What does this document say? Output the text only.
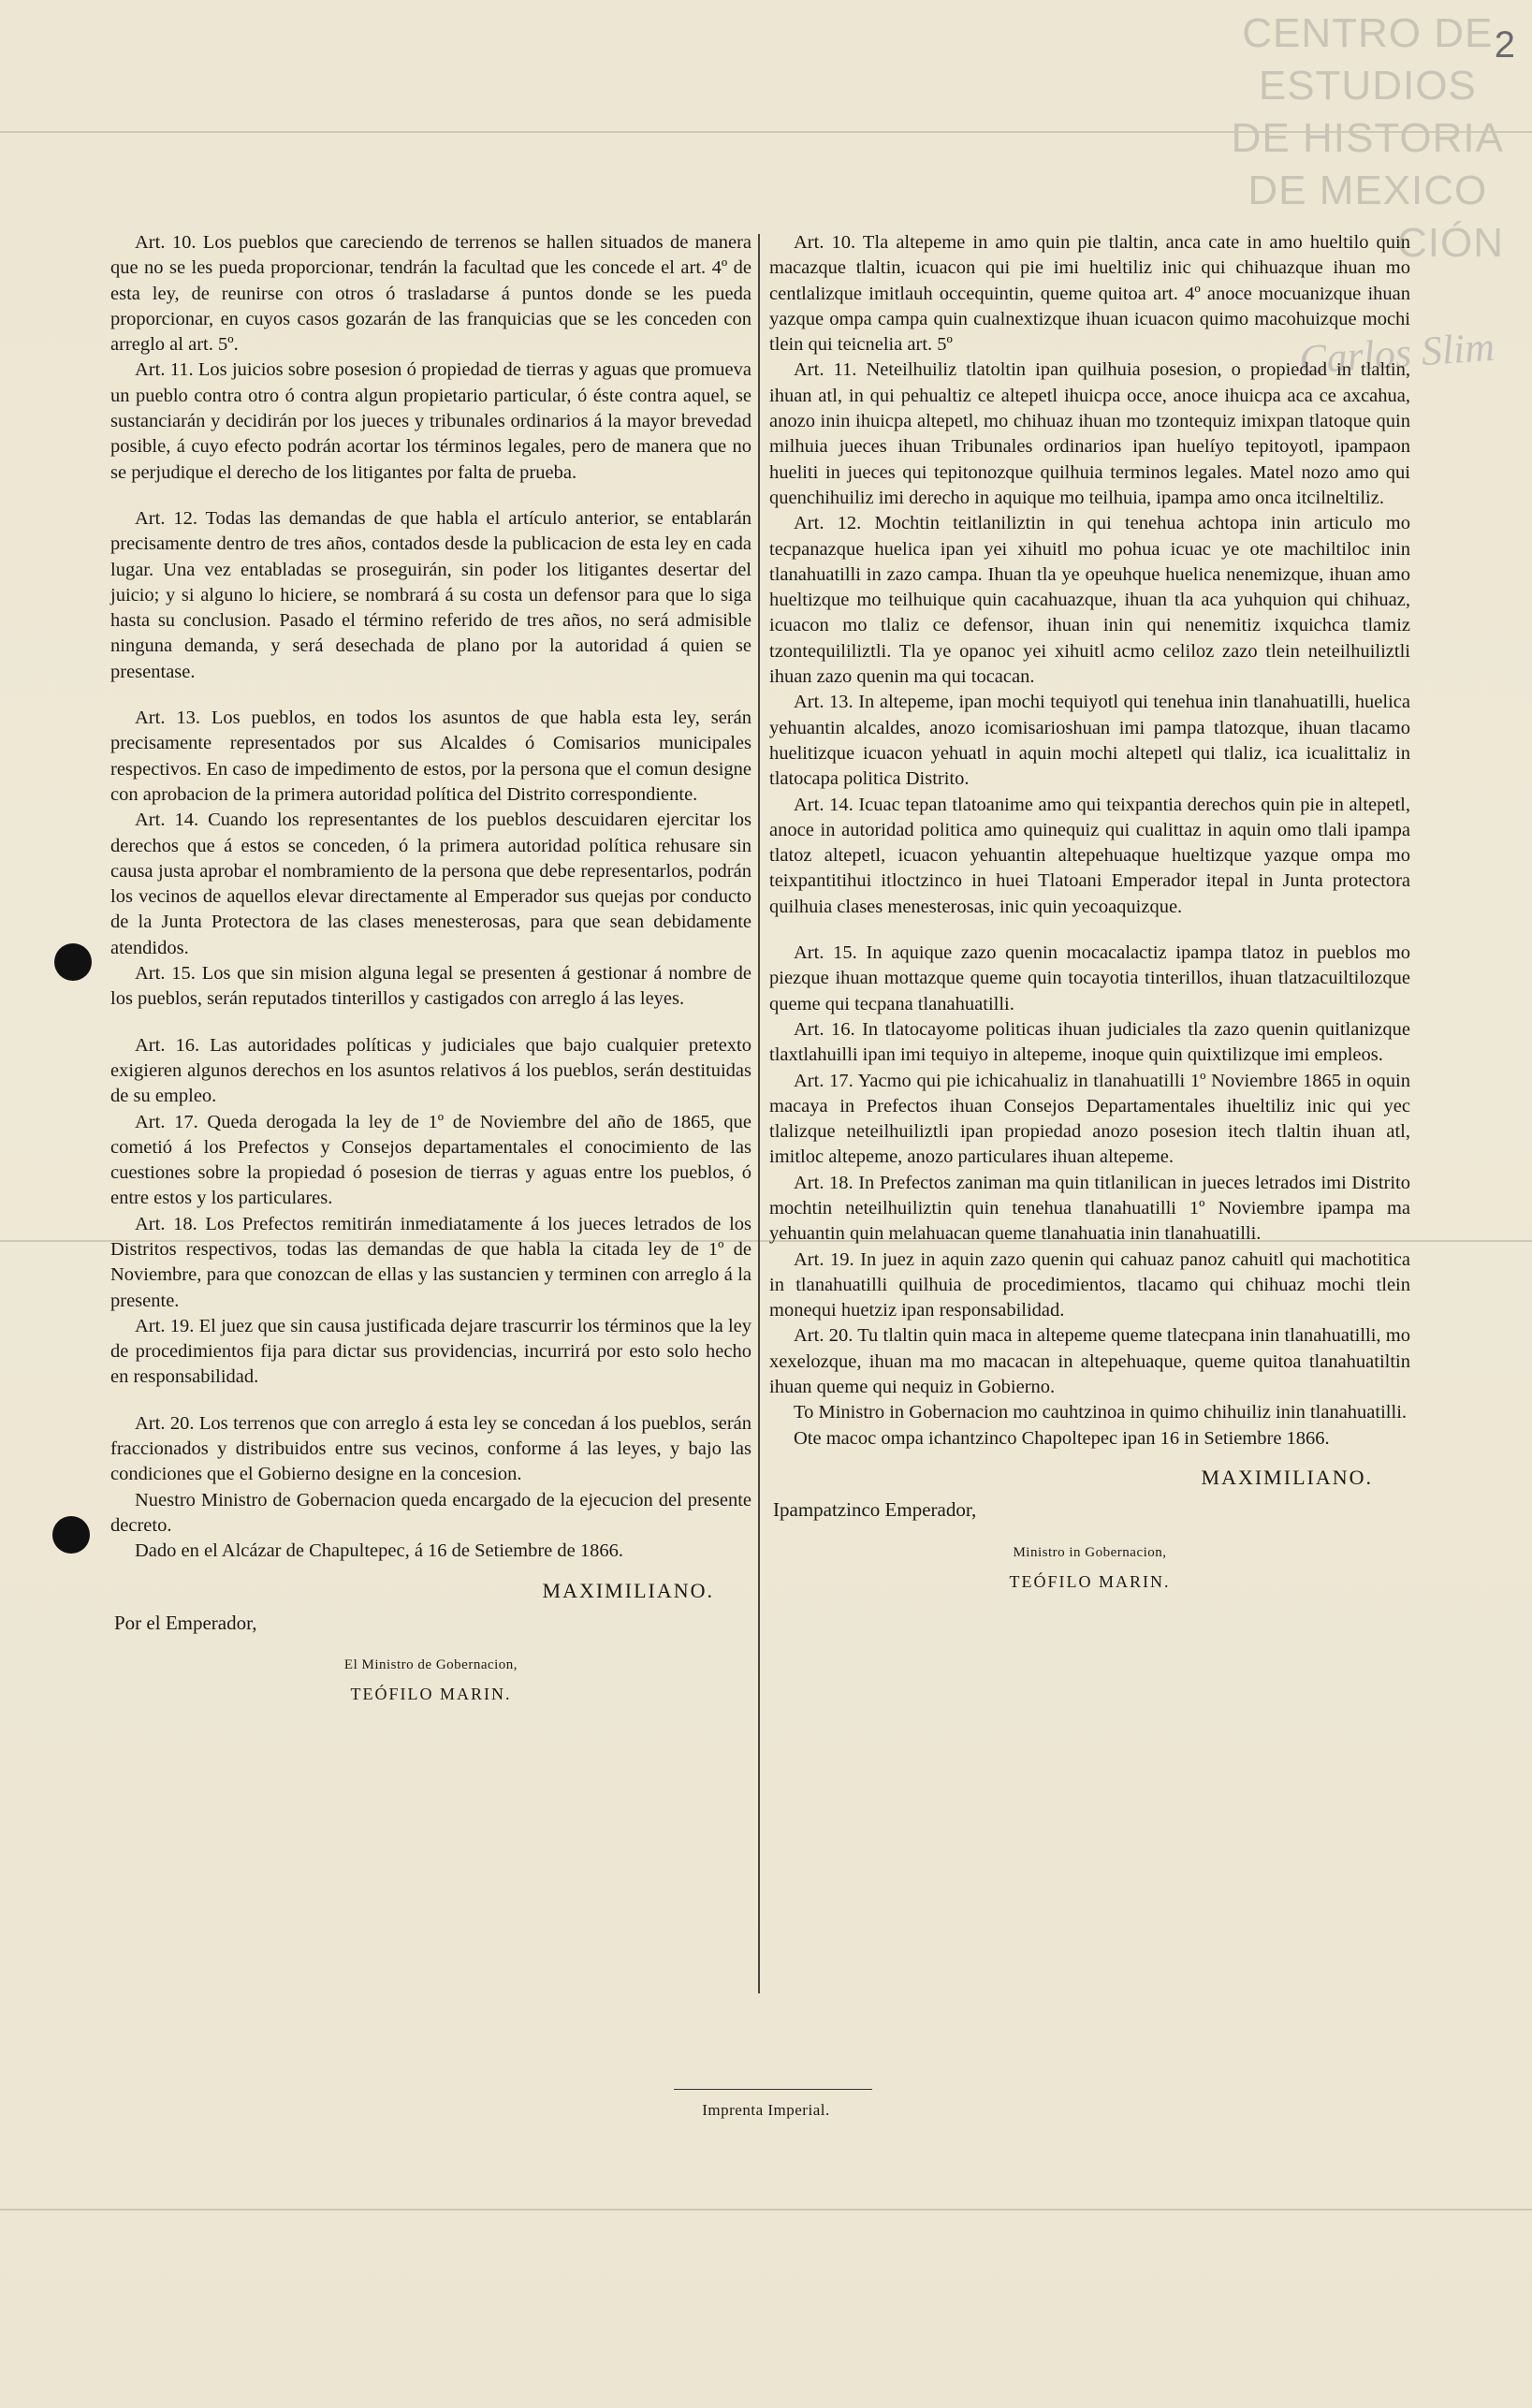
CENTRO DE
ESTUDIOS
DE HISTORIA
DE MEXICO
CIÓN
Carlos Slim
2

Art. 10. Los pueblos que careciendo de terrenos se hallen situados de manera que no se les pueda proporcionar, tendrán la facultad que les concede el art. 4º de esta ley, de reunirse con otros ó trasladarse á puntos donde se les pueda proporcionar, en cuyos casos gozarán de las franquicias que se les conceden con arreglo al art. 5º.

Art. 11. Los juicios sobre posesion ó propiedad de tierras y aguas que promueva un pueblo contra otro ó contra algun propietario particular, ó éste contra aquel, se sustanciarán y decidirán por los jueces y tribunales ordinarios á la mayor brevedad posible, á cuyo efecto podrán acortar los términos legales, pero de manera que no se perjudique el derecho de los litigantes por falta de prueba.

Art. 12. Todas las demandas de que habla el artículo anterior, se entablarán precisamente dentro de tres años, contados desde la publicacion de esta ley en cada lugar. Una vez entabladas se proseguirán, sin poder los litigantes desertar del juicio; y si alguno lo hiciere, se nombrará á su costa un defensor para que lo siga hasta su conclusion. Pasado el término referido de tres años, no será admisible ninguna demanda, y será desechada de plano por la autoridad á quien se presentase.

Art. 13. Los pueblos, en todos los asuntos de que habla esta ley, serán precisamente representados por sus Alcaldes ó Comisarios municipales respectivos. En caso de impedimento de estos, por la persona que el comun designe con aprobacion de la primera autoridad política del Distrito correspondiente.

Art. 14. Cuando los representantes de los pueblos descuidaren ejercitar los derechos que á estos se conceden, ó la primera autoridad política rehusare sin causa justa aprobar el nombramiento de la persona que debe representarlos, podrán los vecinos de aquellos elevar directamente al Emperador sus quejas por conducto de la Junta Protectora de las clases menesterosas, para que sean debidamente atendidos.

Art. 15. Los que sin mision alguna legal se presenten á gestionar á nombre de los pueblos, serán reputados tinterillos y castigados con arreglo á las leyes.

Art. 16. Las autoridades políticas y judiciales que bajo cualquier pretexto exigieren algunos derechos en los asuntos relativos á los pueblos, serán destituidas de su empleo.

Art. 17. Queda derogada la ley de 1º de Noviembre del año de 1865, que cometió á los Prefectos y Consejos departamentales el conocimiento de las cuestiones sobre la propiedad ó posesion de tierras y aguas entre los pueblos, ó entre estos y los particulares.

Art. 18. Los Prefectos remitirán inmediatamente á los jueces letrados de los Distritos respectivos, todas las demandas de que habla la citada ley de 1º de Noviembre, para que conozcan de ellas y las sustancien y terminen con arreglo á la presente.

Art. 19. El juez que sin causa justificada dejare trascurrir los términos que la ley de procedimientos fija para dictar sus providencias, incurrirá por esto solo hecho en responsabilidad.

Art. 20. Los terrenos que con arreglo á esta ley se concedan á los pueblos, serán fraccionados y distribuidos entre sus vecinos, conforme á las leyes, y bajo las condiciones que el Gobierno designe en la concesion.

Nuestro Ministro de Gobernacion queda encargado de la ejecucion del presente decreto.

Dado en el Alcázar de Chapultepec, á 16 de Setiembre de 1866.

MAXIMILIANO.
Por el Emperador,
El Ministro de Gobernacion,
TEÓFILO MARIN.

Art. 10. Tla altepeme in amo quin pie tlaltin, anca cate in amo hueltilo quin macazque tlaltin, icuacon qui pie imi hueltiliz inic qui chihuazque ihuan mo centlalizque imitlauh occequintin, queme quitoa art. 4º anoce mocuanizque ihuan yazque ompa campa quin cualnextizque ihuan icuacon quimo macohuizque mochi tlein qui teicnelia art. 5º

Art. 11. Neteilhuiliz tlatoltin ipan quilhuia posesion, o propiedad in tlaltin, ihuan atl, in qui pehualtiz ce altepetl ihuicpa occe, anoce ihuicpa aca ce axcahua, anozo inin ihuicpa altepetl, mo chihuaz ihuan mo tzontequiz imixpan tlatoque quin milhuia jueces ihuan Tribunales ordinarios ipan huelíyo tepitoyotl, ipampaon hueliti in jueces qui tepitonozque quilhuia terminos legales. Matel nozo amo qui quenchihuiliz imi derecho in aquique mo teilhuia, ipampa amo onca itcilneltiliz.

Art. 12. Mochtin teitlaniliztin in qui tenehua achtopa inin articulo mo tecpanazque huelica ipan yei xihuitl mo pohua icuac ye ote machiltiloc inin tlanahuatilli in zazo campa. Ihuan tla ye opeuhque huelica nenemizque, ihuan amo hueltizque mo teilhuique quin cacahuazque, ihuan tla aca yuhquion qui chihuaz, icuacon mo tlaliz ce defensor, ihuan inin qui nenemitiz ixquichca tlamiz tzontequililiztli. Tla ye opanoc yei xihuitl acmo celiloz zazo tlein neteilhuiliztli ihuan zazo quenin ma qui tocacan.

Art. 13. In altepeme, ipan mochi tequiyotl qui tenehua inin tlanahuatilli, huelica yehuantin alcaldes, anozo icomisarioshuan imi pampa tlatozque, ihuan tlacamo huelitizque icuacon yehuatl in aquin mochi altepetl qui tlaliz, ica icualittaliz in tlatocapa politica Distrito.

Art. 14. Icuac tepan tlatoanime amo qui teixpantia derechos quin pie in altepetl, anoce in autoridad politica amo quinequiz qui cualittaz in aquin omo tlali ipampa tlatoz altepetl, icuacon yehuantin altepehuaque hueltizque yazque ompa mo teixpantitihui itloctzinco in huei Tlatoani Emperador itepal in Junta protectora quilhuia clases menesterosas, inic quin yecoaquizque.

Art. 15. In aquique zazo quenin mocacalactiz ipampa tlatoz in pueblos mo piezque ihuan mottazque queme quin tocayotia tinterillos, ihuan tlatzacuiltilozque queme qui tecpana tlanahuatilli.

Art. 16. In tlatocayome politicas ihuan judiciales tla zazo quenin quitlanizque tlaxtlahuilli ipan imi tequiyo in altepeme, inoque quin quixtilizque imi empleos.

Art. 17. Yacmo qui pie ichicahualiz in tlanahuatilli 1º Noviembre 1865 in oquin macaya in Prefectos ihuan Consejos Departamentales ihueltiliz inic qui yec tlalizque neteilhuiliztli ipan propiedad anozo posesion itech tlaltin ihuan atl, imitloc altepeme, anozo particulares ihuan altepeme.

Art. 18. In Prefectos zaniman ma quin titlanilican in jueces letrados imi Distrito mochtin neteilhuiliztin quin tenehua tlanahuatilli 1º Noviembre ipampa ma yehuantin quin melahuacan queme tlanahuatia inin tlanahuatilli.

Art. 19. In juez in aquin zazo quenin qui cahuaz panoz cahuitl qui machotitica in tlanahuatilli quilhuia de procedimientos, tlacamo qui chihuaz mochi tlein monequi huetziz ipan responsabilidad.

Art. 20. Tu tlaltin quin maca in altepeme queme tlatecpana inin tlanahuatilli, mo xexelozque, ihuan ma mo macacan in altepehuaque, queme quitoa tlanahuatiltin ihuan queme qui nequiz in Gobierno.

To Ministro in Gobernacion mo cauhtzinoa in quimo chihuiliz inin tlanahuatilli.

Ote macoc ompa ichantzinco Chapoltepec ipan 16 in Setiembre 1866.

MAXIMILIANO.
Ipampatzinco Emperador,
Ministro in Gobernacion,
TEÓFILO MARIN.
Imprenta Imperial.
